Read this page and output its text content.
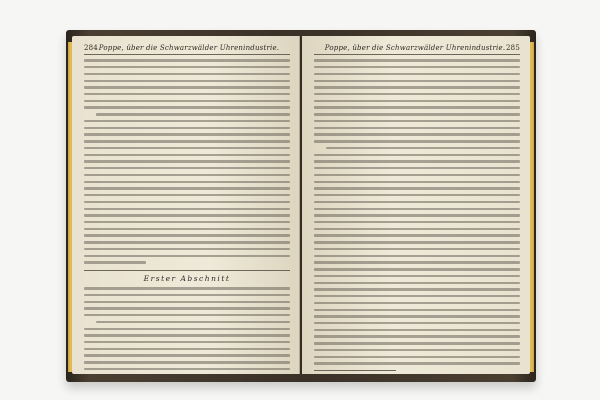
284 Poppe, über die Schwarzwälder Uhrenindustrie.
Erster Abschnitt
Poppe, über die Schwarzwälder Uhrenindustrie. 285
